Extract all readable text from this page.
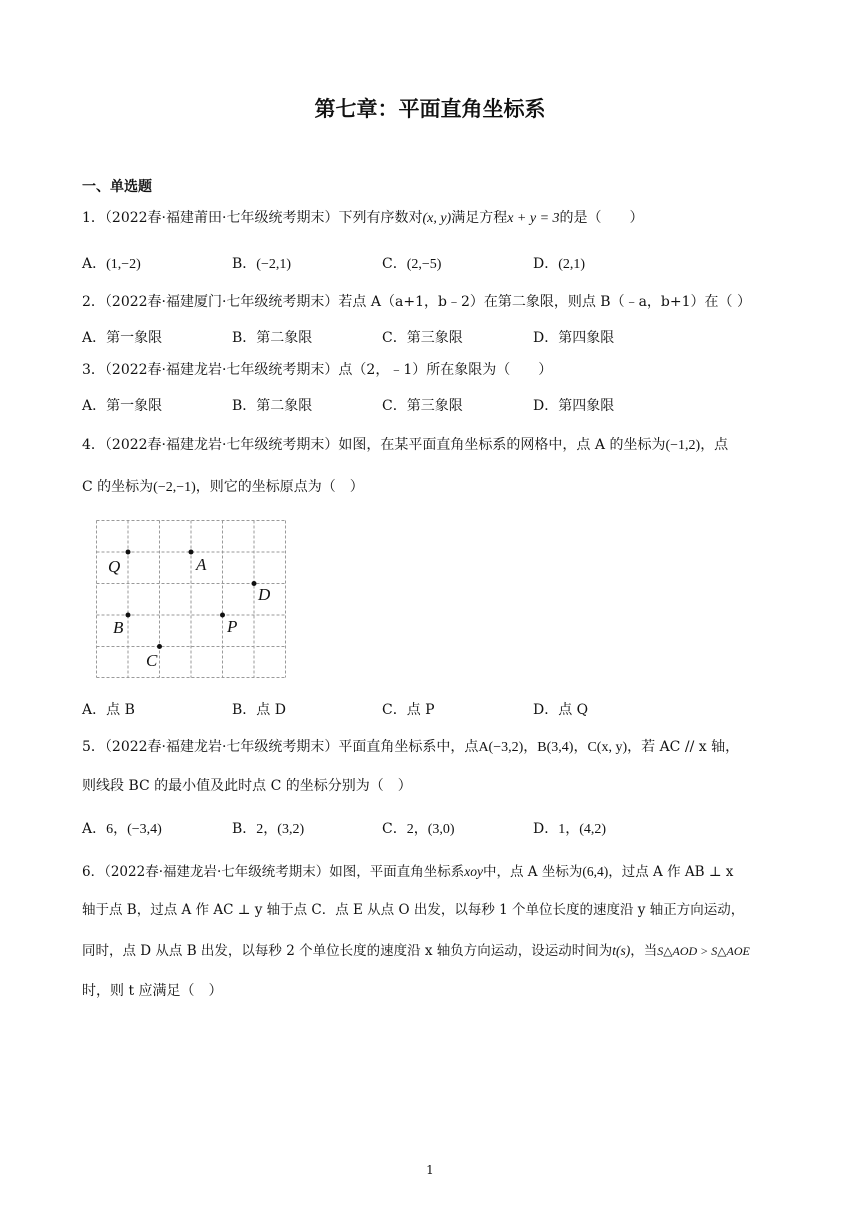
第七章：平面直角坐标系
一、单选题
1．（2022春·福建莆田·七年级统考期末）下列有序数对(x, y)满足方程x + y = 3的是（　　）
A．(1,−2)	B．(−2,1)	C．(2,−5)	D．(2,1)
2．（2022春·福建厦门·七年级统考期末）若点 A（a+1，b﹣2）在第二象限，则点 B（﹣a，b+1）在（ ）
A．第一象限	B．第二象限	C．第三象限	D．第四象限
3．（2022春·福建龙岩·七年级统考期末）点（2，﹣1）所在象限为（　　）
A．第一象限	B．第二象限	C．第三象限	D．第四象限
4．（2022春·福建龙岩·七年级统考期末）如图，在某平面直角坐标系的网格中，点 A 的坐标为(−1,2)，点
C 的坐标为(−2,−1)，则它的坐标原点为（　）
Q	A
D
B	P
C
A．点 B	B．点 D	C．点 P	D．点 Q
5．（2022春·福建龙岩·七年级统考期末）平面直角坐标系中，点A(−3,2)，B(3,4)，C(x, y)，若 AC // x 轴，
则线段 BC 的最小值及此时点 C 的坐标分别为（　）
A．6，(−3,4)	B．2，(3,2)	C．2，(3,0)	D．1，(4,2)
6．（2022春·福建龙岩·七年级统考期末）如图，平面直角坐标系xoy中，点 A 坐标为(6,4)，过点 A 作 AB ⊥ x
轴于点 B，过点 A 作 AC ⊥ y 轴于点 C．点 E 从点 O 出发，以每秒 1 个单位长度的速度沿 y 轴正方向运动，
同时，点 D 从点 B 出发，以每秒 2 个单位长度的速度沿 x 轴负方向运动，设运动时间为t(s)，当S△AOD > S△AOE
时，则 t 应满足（　）
1
